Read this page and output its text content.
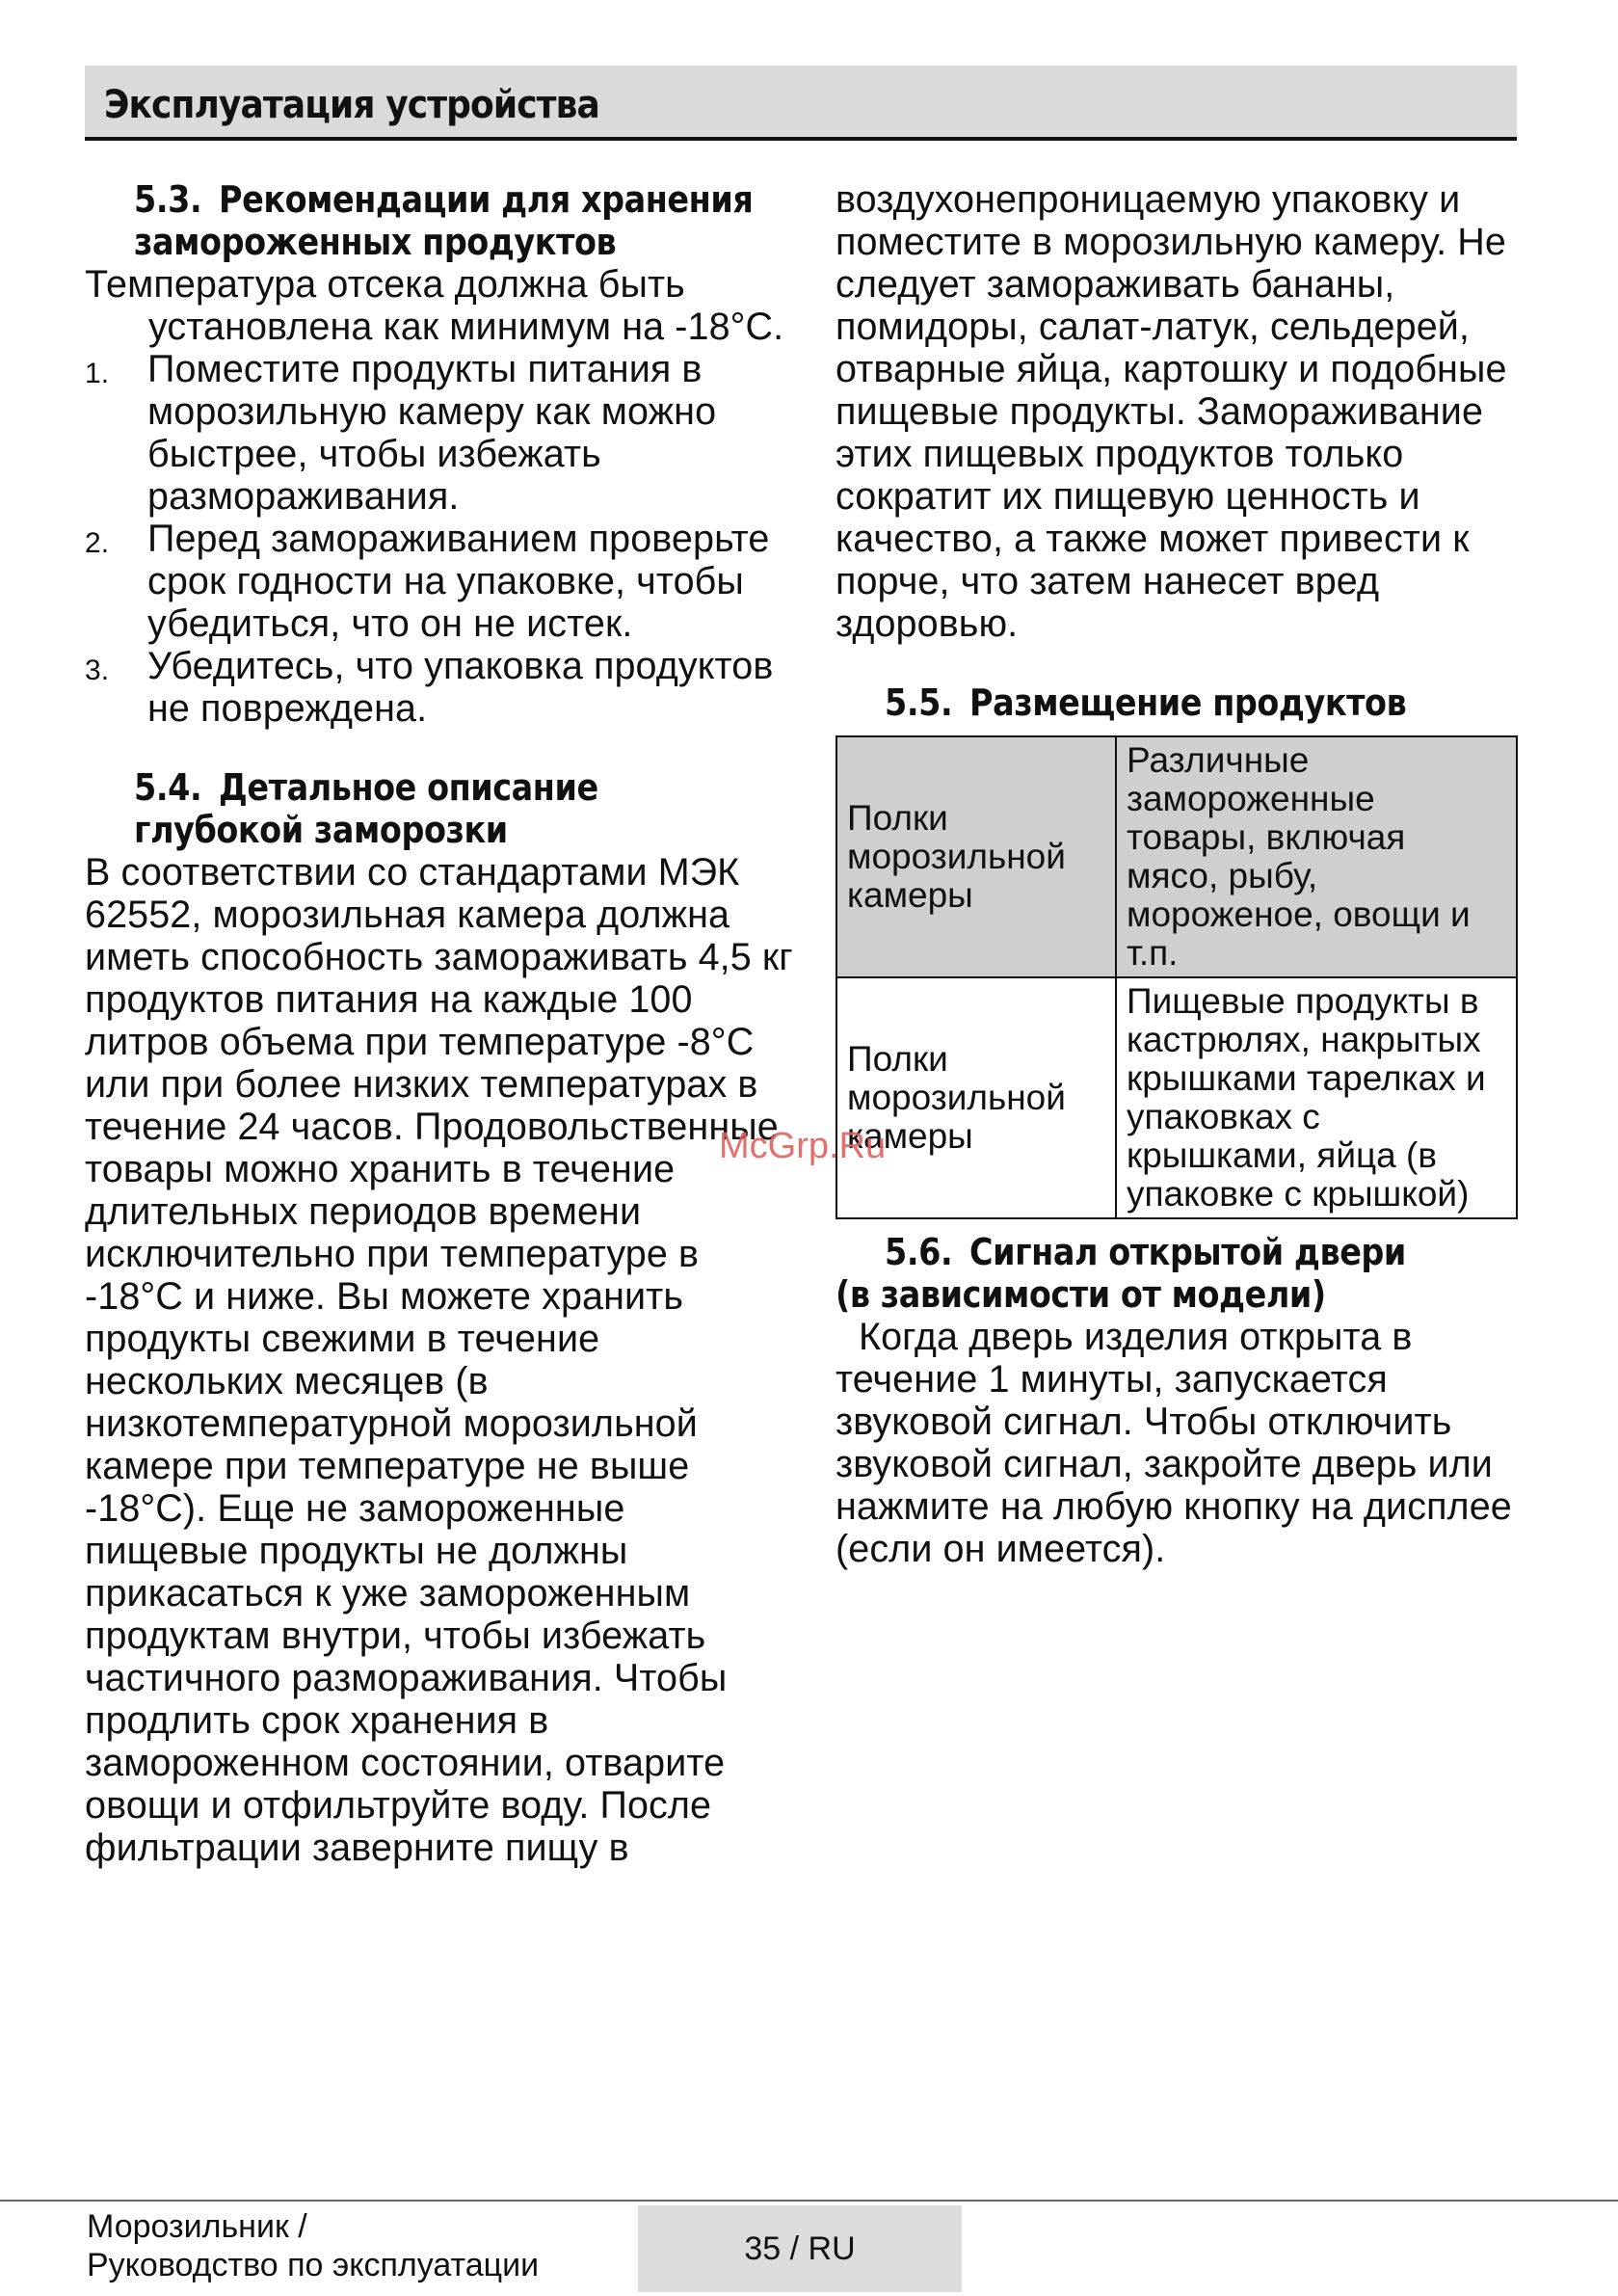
Эксплуатация устройства
5.3. Рекомендации для хранения
замороженных продуктов
Температура отсека должна быть установлена как минимум на -18°C.
1. Поместите продукты питания в морозильную камеру как можно быстрее, чтобы избежать размораживания.
2. Перед замораживанием проверьте срок годности на упаковке, чтобы убедиться, что он не истек.
3. Убедитесь, что упаковка продуктов не повреждена.
5.4. Детальное описание
глубокой заморозки
В соответствии со стандартами МЭК 62552, морозильная камера должна иметь способность замораживать 4,5 кг продуктов питания на каждые 100 литров объема при температуре -8°C или при более низких температурах в течение 24 часов. Продовольственные товары можно хранить в течение длительных периодов времени исключительно при температуре в -18°C и ниже. Вы можете хранить продукты свежими в течение нескольких месяцев (в низкотемпературной морозильной камере при температуре не выше -18°C). Еще не замороженные пищевые продукты не должны прикасаться к уже замороженным продуктам внутри, чтобы избежать частичного размораживания. Чтобы продлить срок хранения в замороженном состоянии, отварите овощи и отфильтруйте воду. После фильтрации заверните пищу в
воздухонепроницаемую упаковку и поместите в морозильную камеру. Не следует замораживать бананы, помидоры, салат-латук, сельдерей, отварные яйца, картошку и подобные пищевые продукты. Замораживание этих пищевых продуктов только сократит их пищевую ценность и качество, а также может привести к порче, что затем нанесет вред здоровью.
5.5. Размещение продуктов
Полки морозильной камеры	Различные замороженные товары, включая мясо, рыбу, мороженое, овощи и т.п.
Полки морозильной камеры	Пищевые продукты в кастрюлях, накрытых крышками тарелках и упаковках с крышками, яйца (в упаковке с крышкой)
5.6. Сигнал открытой двери
(в зависимости от модели)
Когда дверь изделия открыта в течение 1 минуты, запускается звуковой сигнал. Чтобы отключить звуковой сигнал, закройте дверь или нажмите на любую кнопку на дисплее (если он имеется).
McGrp.Ru
Морозильник /
Руководство по эксплуатации	35 / RU
